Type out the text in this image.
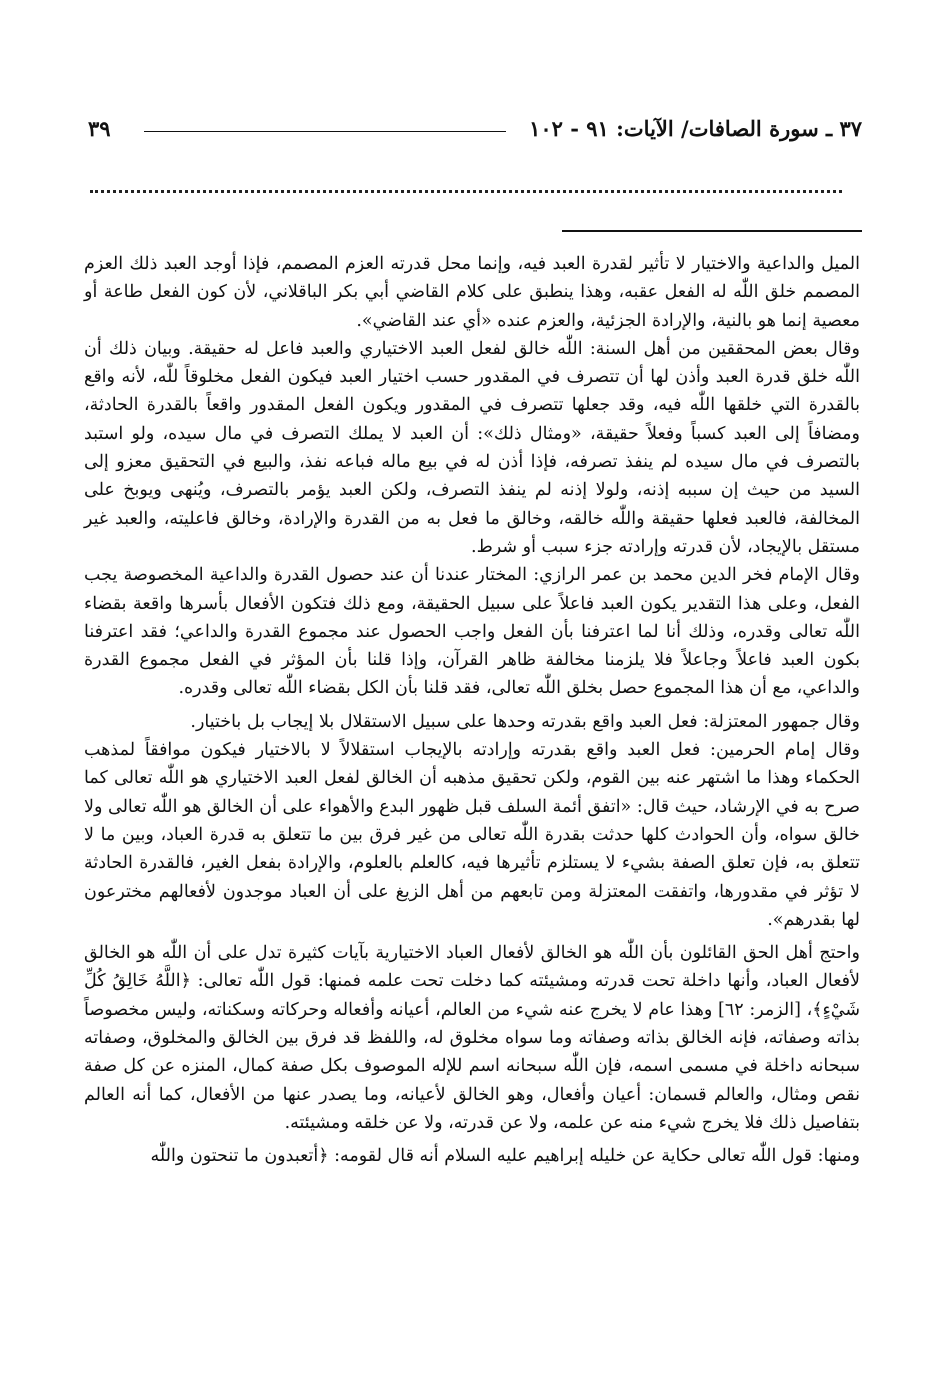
٣٧ ـ سورة الصافات/ الآيات: ٩١ - ١٠٢
٣٩

الميل والداعية والاختيار لا تأثير لقدرة العبد فيه، وإنما محل قدرته العزم المصمم، فإذا أوجد العبد ذلك العزم المصمم خلق اللّٰه له الفعل عقبه، وهذا ينطبق على كلام القاضي أبي بكر الباقلاني، لأن كون الفعل طاعة أو معصية إنما هو بالنية، والإرادة الجزئية، والعزم عنده «أي عند القاضي».

وقال بعض المحققين من أهل السنة: اللّٰه خالق لفعل العبد الاختياري والعبد فاعل له حقيقة. وبيان ذلك أن اللّٰه خلق قدرة العبد وأذن لها أن تتصرف في المقدور حسب اختيار العبد فيكون الفعل مخلوقاً للّٰه، لأنه واقع بالقدرة التي خلقها اللّٰه فيه، وقد جعلها تتصرف في المقدور ويكون الفعل المقدور واقعاً بالقدرة الحادثة، ومضافاً إلى العبد كسباً وفعلاً حقيقة، «ومثال ذلك»: أن العبد لا يملك التصرف في مال سيده، ولو استبد بالتصرف في مال سيده لم ينفذ تصرفه، فإذا أذن له في بيع ماله فباعه نفذ، والبيع في التحقيق معزو إلى السيد من حيث إن سببه إذنه، ولولا إذنه لم ينفذ التصرف، ولكن العبد يؤمر بالتصرف، ويُنهى ويوبخ على المخالفة، فالعبد فعلها حقيقة واللّٰه خالقه، وخالق ما فعل به من القدرة والإرادة، وخالق فاعليته، والعبد غير مستقل بالإيجاد، لأن قدرته وإرادته جزء سبب أو شرط.

وقال الإمام فخر الدين محمد بن عمر الرازي: المختار عندنا أن عند حصول القدرة والداعية المخصوصة يجب الفعل، وعلى هذا التقدير يكون العبد فاعلاً على سبيل الحقيقة، ومع ذلك فتكون الأفعال بأسرها واقعة بقضاء اللّٰه تعالى وقدره، وذلك أنا لما اعترفنا بأن الفعل واجب الحصول عند مجموع القدرة والداعي؛ فقد اعترفنا بكون العبد فاعلاً وجاعلاً فلا يلزمنا مخالفة ظاهر القرآن، وإذا قلنا بأن المؤثر في الفعل مجموع القدرة والداعي، مع أن هذا المجموع حصل بخلق اللّٰه تعالى، فقد قلنا بأن الكل بقضاء اللّٰه تعالى وقدره.

وقال جمهور المعتزلة: فعل العبد واقع بقدرته وحدها على سبيل الاستقلال بلا إيجاب بل باختيار.

وقال إمام الحرمين: فعل العبد واقع بقدرته وإرادته بالإيجاب استقلالاً لا بالاختيار فيكون موافقاً لمذهب الحكماء وهذا ما اشتهر عنه بين القوم، ولكن تحقيق مذهبه أن الخالق لفعل العبد الاختياري هو اللّٰه تعالى كما صرح به في الإرشاد، حيث قال: «اتفق أئمة السلف قبل ظهور البدع والأهواء على أن الخالق هو اللّٰه تعالى ولا خالق سواه، وأن الحوادث كلها حدثت بقدرة اللّٰه تعالى من غير فرق بين ما تتعلق به قدرة العباد، وبين ما لا تتعلق به، فإن تعلق الصفة بشيء لا يستلزم تأثيرها فيه، كالعلم بالعلوم، والإرادة بفعل الغير، فالقدرة الحادثة لا تؤثر في مقدورها، واتفقت المعتزلة ومن تابعهم من أهل الزيغ على أن العباد موجدون لأفعالهم مخترعون لها بقدرهم».

واحتج أهل الحق القائلون بأن اللّٰه هو الخالق لأفعال العباد الاختيارية بآيات كثيرة تدل على أن اللّٰه هو الخالق لأفعال العباد، وأنها داخلة تحت قدرته ومشيئته كما دخلت تحت علمه فمنها: قول اللّٰه تعالى: ﴿اللَّهُ خَالِقُ كُلِّ شَيْءٍ﴾، [الزمر: ٦٢] وهذا عام لا يخرج عنه شيء من العالم، أعيانه وأفعاله وحركاته وسكناته، وليس مخصوصاً بذاته وصفاته، فإنه الخالق بذاته وصفاته وما سواه مخلوق له، واللفظ قد فرق بين الخالق والمخلوق، وصفاته سبحانه داخلة في مسمى اسمه، فإن اللّٰه سبحانه اسم للإله الموصوف بكل صفة كمال، المنزه عن كل صفة نقص ومثال، والعالم قسمان: أعيان وأفعال، وهو الخالق لأعيانه، وما يصدر عنها من الأفعال، كما أنه العالم بتفاصيل ذلك فلا يخرج شيء منه عن علمه، ولا عن قدرته، ولا عن خلقه ومشيئته.

ومنها: قول اللّٰه تعالى حكاية عن خليله إبراهيم عليه السلام أنه قال لقومه: ﴿أتعبدون ما تنحتون واللّٰه
